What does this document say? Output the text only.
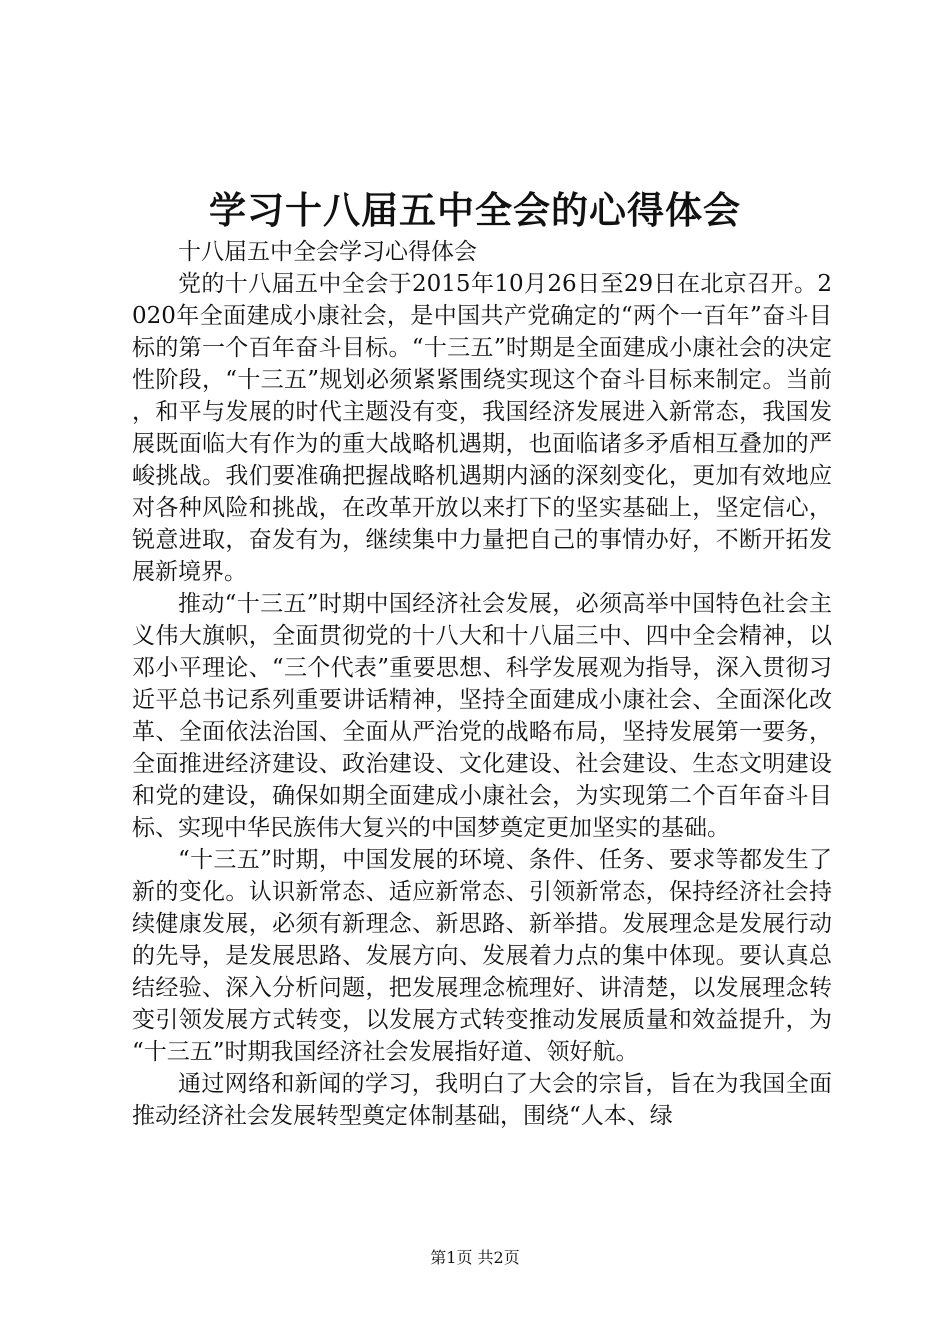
学习十八届五中全会的心得体会

十八届五中全会学习心得体会

党的十八届五中全会于2015年10月26日至29日在北京召开。2020年全面建成小康社会，是中国共产党确定的“两个一百年”奋斗目标的第一个百年奋斗目标。“十三五”时期是全面建成小康社会的决定性阶段，“十三五”规划必须紧紧围绕实现这个奋斗目标来制定。当前，和平与发展的时代主题没有变，我国经济发展进入新常态，我国发展既面临大有作为的重大战略机遇期，也面临诸多矛盾相互叠加的严峻挑战。我们要准确把握战略机遇期内涵的深刻变化，更加有效地应对各种风险和挑战，在改革开放以来打下的坚实基础上，坚定信心，锐意进取，奋发有为，继续集中力量把自己的事情办好，不断开拓发展新境界。

推动“十三五”时期中国经济社会发展，必须高举中国特色社会主义伟大旗帜，全面贯彻党的十八大和十八届三中、四中全会精神，以邓小平理论、“三个代表”重要思想、科学发展观为指导，深入贯彻习近平总书记系列重要讲话精神，坚持全面建成小康社会、全面深化改革、全面依法治国、全面从严治党的战略布局，坚持发展第一要务，全面推进经济建设、政治建设、文化建设、社会建设、生态文明建设和党的建设，确保如期全面建成小康社会，为实现第二个百年奋斗目标、实现中华民族伟大复兴的中国梦奠定更加坚实的基础。

“十三五”时期，中国发展的环境、条件、任务、要求等都发生了新的变化。认识新常态、适应新常态、引领新常态，保持经济社会持续健康发展，必须有新理念、新思路、新举措。发展理念是发展行动的先导，是发展思路、发展方向、发展着力点的集中体现。要认真总结经验、深入分析问题，把发展理念梳理好、讲清楚，以发展理念转变引领发展方式转变，以发展方式转变推动发展质量和效益提升，为“十三五”时期我国经济社会发展指好道、领好航。

通过网络和新闻的学习，我明白了大会的宗旨，旨在为我国全面推动经济社会发展转型奠定体制基础，围绕“人本、绿

第1页 共2页
